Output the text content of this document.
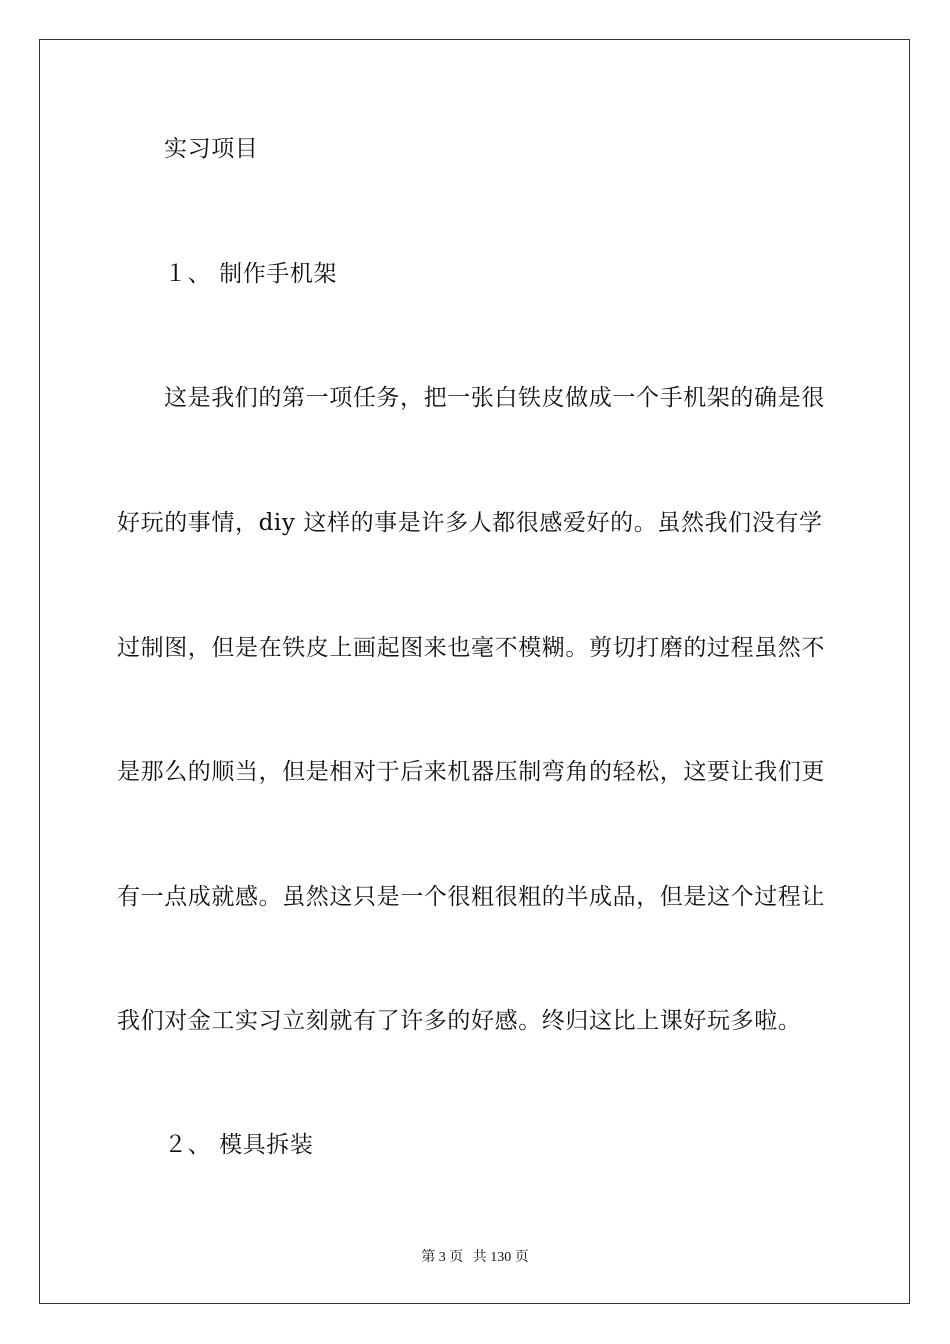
实习项目
１、 制作手机架
这是我们的第一项任务，把一张白铁皮做成一个手机架的确是很
好玩的事情，diy 这样的事是许多人都很感爱好的。虽然我们没有学
过制图，但是在铁皮上画起图来也毫不模糊。剪切打磨的过程虽然不
是那么的顺当，但是相对于后来机器压制弯角的轻松，这要让我们更
有一点成就感。虽然这只是一个很粗很粗的半成品，但是这个过程让
我们对金工实习立刻就有了许多的好感。终归这比上课好玩多啦。
２、 模具拆装
第 3 页 共 130 页
